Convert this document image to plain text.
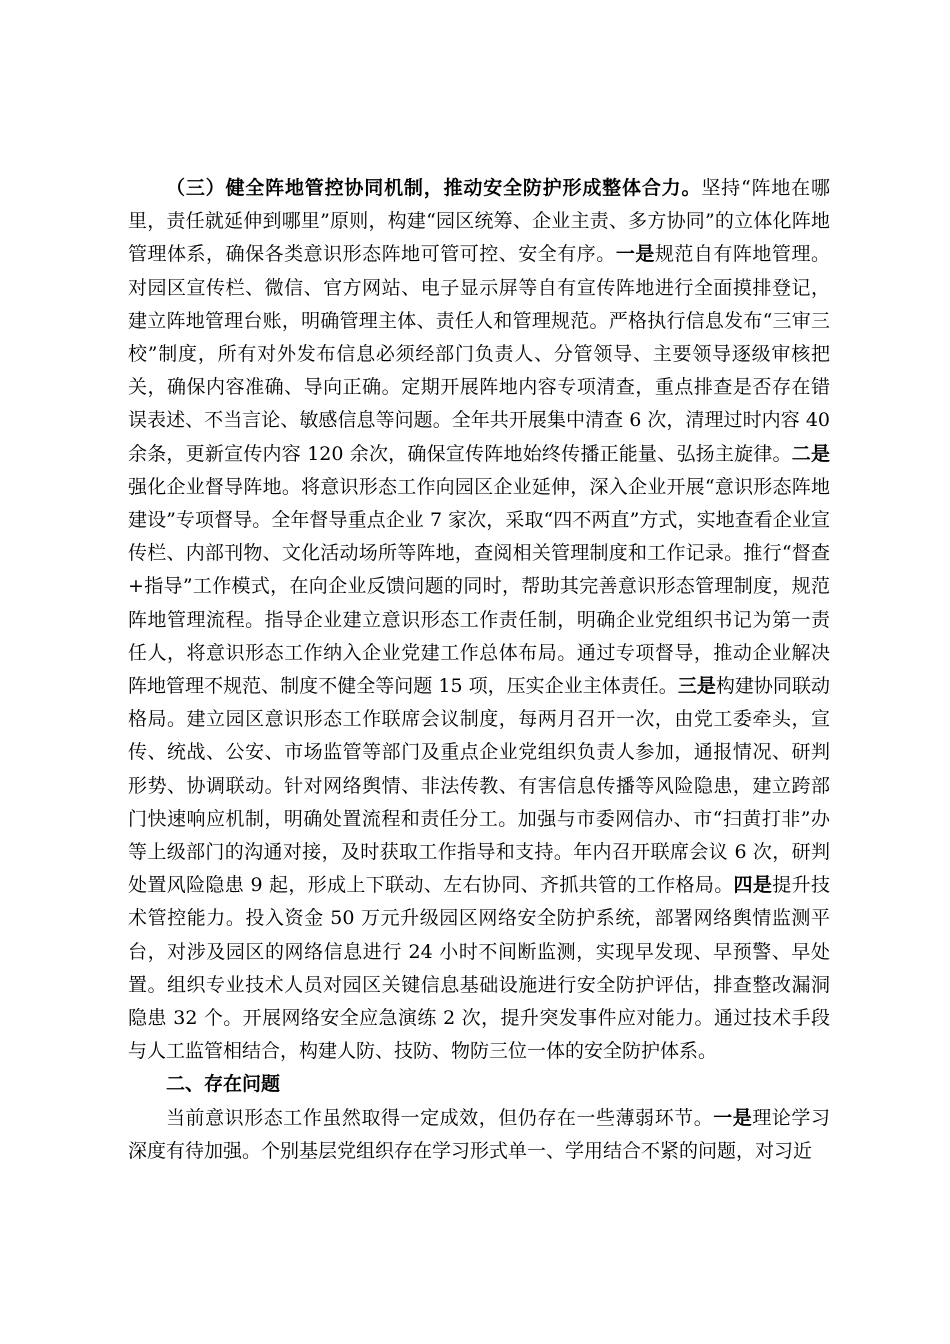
（三）健全阵地管控协同机制，推动安全防护形成整体合力。坚持“阵地在哪里，责任就延伸到哪里”原则，构建“园区统筹、企业主责、多方协同”的立体化阵地管理体系，确保各类意识形态阵地可管可控、安全有序。一是规范自有阵地管理。对园区宣传栏、微信、官方网站、电子显示屏等自有宣传阵地进行全面摸排登记，建立阵地管理台账，明确管理主体、责任人和管理规范。严格执行信息发布“三审三校”制度，所有对外发布信息必须经部门负责人、分管领导、主要领导逐级审核把关，确保内容准确、导向正确。定期开展阵地内容专项清查，重点排查是否存在错误表述、不当言论、敏感信息等问题。全年共开展集中清查 6 次，清理过时内容 40 余条，更新宣传内容 120 余次，确保宣传阵地始终传播正能量、弘扬主旋律。二是强化企业督导阵地。将意识形态工作向园区企业延伸，深入企业开展“意识形态阵地建设”专项督导。全年督导重点企业 7 家次，采取“四不两直”方式，实地查看企业宣传栏、内部刊物、文化活动场所等阵地，查阅相关管理制度和工作记录。推行“督查+指导”工作模式，在向企业反馈问题的同时，帮助其完善意识形态管理制度，规范阵地管理流程。指导企业建立意识形态工作责任制，明确企业党组织书记为第一责任人，将意识形态工作纳入企业党建工作总体布局。通过专项督导，推动企业解决阵地管理不规范、制度不健全等问题 15 项，压实企业主体责任。三是构建协同联动格局。建立园区意识形态工作联席会议制度，每两月召开一次，由党工委牵头，宣传、统战、公安、市场监管等部门及重点企业党组织负责人参加，通报情况、研判形势、协调联动。针对网络舆情、非法传教、有害信息传播等风险隐患，建立跨部门快速响应机制，明确处置流程和责任分工。加强与市委网信办、市“扫黄打非”办等上级部门的沟通对接，及时获取工作指导和支持。年内召开联席会议 6 次，研判处置风险隐患 9 起，形成上下联动、左右协同、齐抓共管的工作格局。四是提升技术管控能力。投入资金 50 万元升级园区网络安全防护系统，部署网络舆情监测平台，对涉及园区的网络信息进行 24 小时不间断监测，实现早发现、早预警、早处置。组织专业技术人员对园区关键信息基础设施进行安全防护评估，排查整改漏洞隐患 32 个。开展网络安全应急演练 2 次，提升突发事件应对能力。通过技术手段与人工监管相结合，构建人防、技防、物防三位一体的安全防护体系。

二、存在问题

当前意识形态工作虽然取得一定成效，但仍存在一些薄弱环节。一是理论学习深度有待加强。个别基层党组织存在学习形式单一、学用结合不紧的问题，对习近
